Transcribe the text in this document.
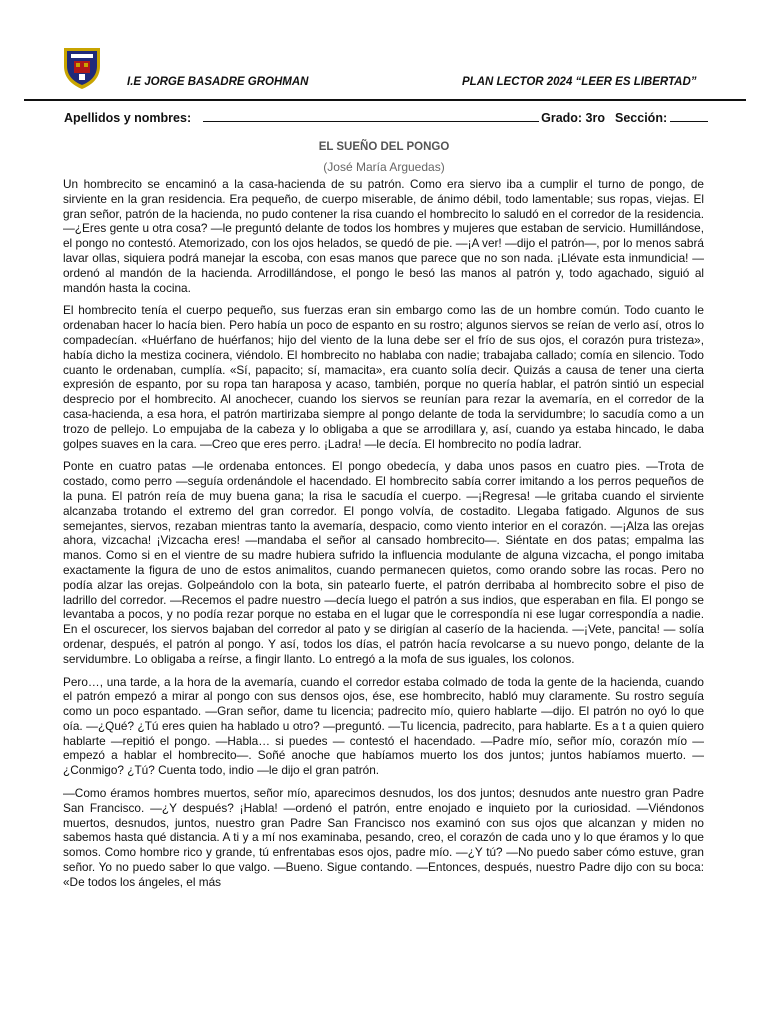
I.E JORGE BASADRE GROHMAN	PLAN LECTOR 2024 “LEER ES LIBERTAD”
Apellidos y nombres:	Grado: 3ro Sección:
EL SUEÑO DEL PONGO
(José María Arguedas)

Un hombrecito se encaminó a la casa-hacienda de su patrón. Como era siervo iba a cumplir el turno de pongo, de sirviente en la gran residencia. Era pequeño, de cuerpo miserable, de ánimo débil, todo lamentable; sus ropas, viejas. El gran señor, patrón de la hacienda, no pudo contener la risa cuando el hombrecito lo saludó en el corredor de la residencia. —¿Eres gente u otra cosa? —le preguntó delante de todos los hombres y mujeres que estaban de servicio. Humillándose, el pongo no contestó. Atemorizado, con los ojos helados, se quedó de pie. —¡A ver! —dijo el patrón—, por lo menos sabrá lavar ollas, siquiera podrá manejar la escoba, con esas manos que parece que no son nada. ¡Llévate esta inmundicia! —ordenó al mandón de la hacienda. Arrodillándose, el pongo le besó las manos al patrón y, todo agachado, siguió al mandón hasta la cocina.

El hombrecito tenía el cuerpo pequeño, sus fuerzas eran sin embargo como las de un hombre común. Todo cuanto le ordenaban hacer lo hacía bien. Pero había un poco de espanto en su rostro; algunos siervos se reían de verlo así, otros lo compadecían. «Huérfano de huérfanos; hijo del viento de la luna debe ser el frío de sus ojos, el corazón pura tristeza», había dicho la mestiza cocinera, viéndolo. El hombrecito no hablaba con nadie; trabajaba callado; comía en silencio. Todo cuanto le ordenaban, cumplía. «Sí, papacito; sí, mamacita», era cuanto solía decir. Quizás a causa de tener una cierta expresión de espanto, por su ropa tan haraposa y acaso, también, porque no quería hablar, el patrón sintió un especial desprecio por el hombrecito. Al anochecer, cuando los siervos se reunían para rezar la avemaría, en el corredor de la casa-hacienda, a esa hora, el patrón martirizaba siempre al pongo delante de toda la servidumbre; lo sacudía como a un trozo de pellejo. Lo empujaba de la cabeza y lo obligaba a que se arrodillara y, así, cuando ya estaba hincado, le daba golpes suaves en la cara. —Creo que eres perro. ¡Ladra! —le decía. El hombrecito no podía ladrar.

Ponte en cuatro patas —le ordenaba entonces. El pongo obedecía, y daba unos pasos en cuatro pies. —Trota de costado, como perro —seguía ordenándole el hacendado. El hombrecito sabía correr imitando a los perros pequeños de la puna. El patrón reía de muy buena gana; la risa le sacudía el cuerpo. —¡Regresa! —le gritaba cuando el sirviente alcanzaba trotando el extremo del gran corredor. El pongo volvía, de costadito. Llegaba fatigado. Algunos de sus semejantes, siervos, rezaban mientras tanto la avemaría, despacio, como viento interior en el corazón. —¡Alza las orejas ahora, vizcacha! ¡Vizcacha eres! —mandaba el señor al cansado hombrecito—. Siéntate en dos patas; empalma las manos. Como si en el vientre de su madre hubiera sufrido la influencia modulante de alguna vizcacha, el pongo imitaba exactamente la figura de uno de estos animalitos, cuando permanecen quietos, como orando sobre las rocas. Pero no podía alzar las orejas. Golpeándolo con la bota, sin patearlo fuerte, el patrón derribaba al hombrecito sobre el piso de ladrillo del corredor. —Recemos el padre nuestro —decía luego el patrón a sus indios, que esperaban en fila. El pongo se levantaba a pocos, y no podía rezar porque no estaba en el lugar que le correspondía ni ese lugar correspondía a nadie. En el oscurecer, los siervos bajaban del corredor al pato y se dirigían al caserío de la hacienda. —¡Vete, pancita! — solía ordenar, después, el patrón al pongo. Y así, todos los días, el patrón hacía revolcarse a su nuevo pongo, delante de la servidumbre. Lo obligaba a reírse, a fingir llanto. Lo entregó a la mofa de sus iguales, los colonos.

Pero…, una tarde, a la hora de la avemaría, cuando el corredor estaba colmado de toda la gente de la hacienda, cuando el patrón empezó a mirar al pongo con sus densos ojos, ése, ese hombrecito, habló muy claramente. Su rostro seguía como un poco espantado. —Gran señor, dame tu licencia; padrecito mío, quiero hablarte —dijo. El patrón no oyó lo que oía. —¿Qué? ¿Tú eres quien ha hablado u otro? —preguntó. —Tu licencia, padrecito, para hablarte. Es a t a quien quiero hablarte —repitió el pongo. —Habla… si puedes — contestó el hacendado. —Padre mío, señor mío, corazón mío —empezó a hablar el hombrecito—. Soñé anoche que habíamos muerto los dos juntos; juntos habíamos muerto. —¿Conmigo? ¿Tú? Cuenta todo, indio —le dijo el gran patrón.

—Como éramos hombres muertos, señor mío, aparecimos desnudos, los dos juntos; desnudos ante nuestro gran Padre San Francisco. —¿Y después? ¡Habla! —ordenó el patrón, entre enojado e inquieto por la curiosidad. —Viéndonos muertos, desnudos, juntos, nuestro gran Padre San Francisco nos examinó con sus ojos que alcanzan y miden no sabemos hasta qué distancia. A ti y a mí nos examinaba, pesando, creo, el corazón de cada uno y lo que éramos y lo que somos. Como hombre rico y grande, tú enfrentabas esos ojos, padre mío. —¿Y tú? —No puedo saber cómo estuve, gran señor. Yo no puedo saber lo que valgo. —Bueno. Sigue contando. —Entonces, después, nuestro Padre dijo con su boca: «De todos los ángeles, el más
